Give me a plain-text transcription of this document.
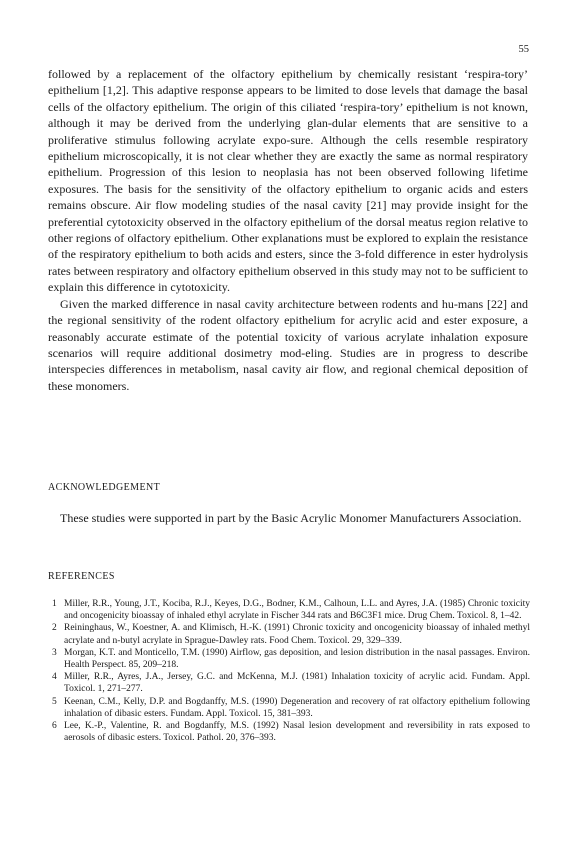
55

followed by a replacement of the olfactory epithelium by chemically resistant ‘respira-tory’ epithelium [1,2]. This adaptive response appears to be limited to dose levels that damage the basal cells of the olfactory epithelium. The origin of this ciliated ‘respira-tory’ epithelium is not known, although it may be derived from the underlying glan-dular elements that are sensitive to a proliferative stimulus following acrylate expo-sure. Although the cells resemble respiratory epithelium microscopically, it is not clear whether they are exactly the same as normal respiratory epithelium. Progression of this lesion to neoplasia has not been observed following lifetime exposures. The basis for the sensitivity of the olfactory epithelium to organic acids and esters remains obscure. Air flow modeling studies of the nasal cavity [21] may provide insight for the preferential cytotoxicity observed in the olfactory epithelium of the dorsal meatus region relative to other regions of olfactory epithelium. Other explanations must be explored to explain the resistance of the respiratory epithelium to both acids and esters, since the 3-fold difference in ester hydrolysis rates between respiratory and olfactory epithelium observed in this study may not to be sufficient to explain this difference in cytotoxicity.

Given the marked difference in nasal cavity architecture between rodents and hu-mans [22] and the regional sensitivity of the rodent olfactory epithelium for acrylic acid and ester exposure, a reasonably accurate estimate of the potential toxicity of various acrylate inhalation exposure scenarios will require additional dosimetry mod-eling. Studies are in progress to describe interspecies differences in metabolism, nasal cavity air flow, and regional chemical deposition of these monomers.

ACKNOWLEDGEMENT
These studies were supported in part by the Basic Acrylic Monomer Manufacturers Association.
REFERENCES
1 Miller, R.R., Young, J.T., Kociba, R.J., Keyes, D.G., Bodner, K.M., Calhoun, L.L. and Ayres, J.A. (1985) Chronic toxicity and oncogenicity bioassay of inhaled ethyl acrylate in Fischer 344 rats and B6C3F1 mice. Drug Chem. Toxicol. 8, 1–42.
2 Reininghaus, W., Koestner, A. and Klimisch, H.-K. (1991) Chronic toxicity and oncogenicity bioassay of inhaled methyl acrylate and n-butyl acrylate in Sprague-Dawley rats. Food Chem. Toxicol. 29, 329–339.
3 Morgan, K.T. and Monticello, T.M. (1990) Airflow, gas deposition, and lesion distribution in the nasal passages. Environ. Health Perspect. 85, 209–218.
4 Miller, R.R., Ayres, J.A., Jersey, G.C. and McKenna, M.J. (1981) Inhalation toxicity of acrylic acid. Fundam. Appl. Toxicol. 1, 271–277.
5 Keenan, C.M., Kelly, D.P. and Bogdanffy, M.S. (1990) Degeneration and recovery of rat olfactory epithelium following inhalation of dibasic esters. Fundam. Appl. Toxicol. 15, 381–393.
6 Lee, K.-P., Valentine, R. and Bogdanffy, M.S. (1992) Nasal lesion development and reversibility in rats exposed to aerosols of dibasic esters. Toxicol. Pathol. 20, 376–393.
